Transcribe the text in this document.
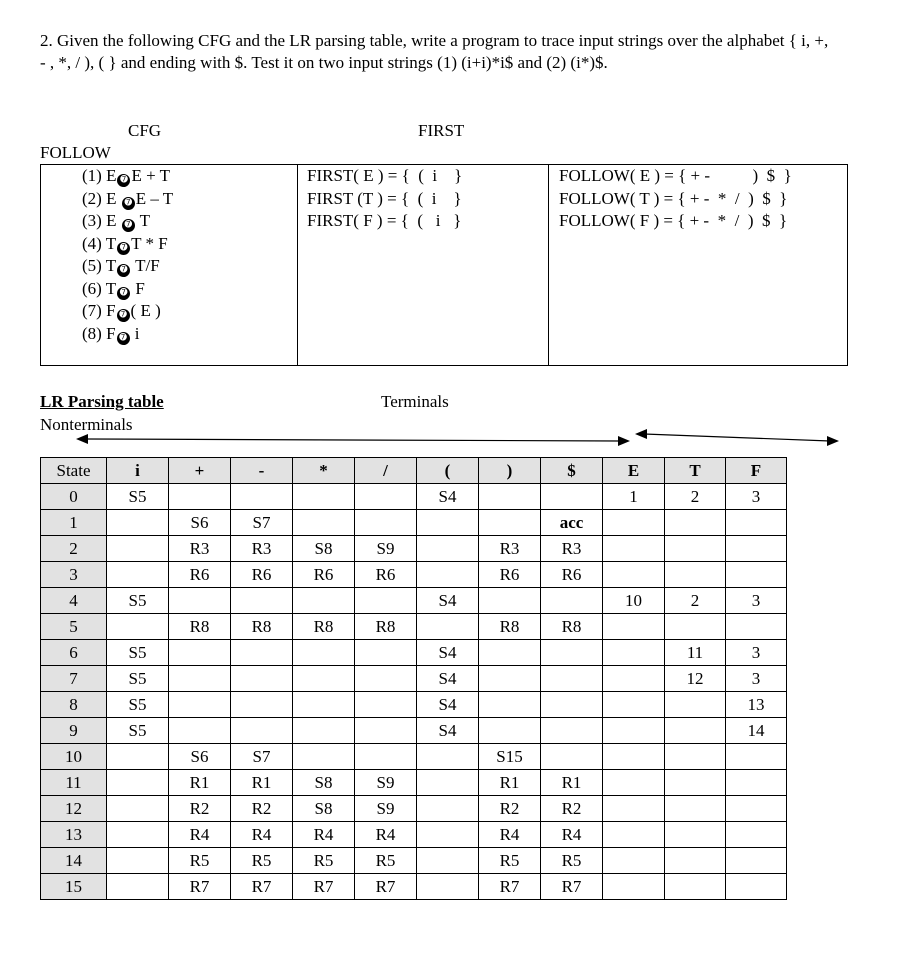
2. Given the following CFG and the LR parsing table, write a program to trace input strings over the alphabet { i, +, - , *, / ), ( } and ending with $. Test it on two input strings (1) (i+i)*i$ and (2) (i*)$.
CFG	FIRST
FOLLOW
(1) E ➐ E + T
(2) E ➐ E – T
(3) E ➐ T
(4) T ➐ T * F
(5) T ➐ T/F
(6) T ➐ F
(7) F ➐ ( E )
(8) F ➐ i
FIRST( E ) = {  (  i    }
FIRST (T ) = {  (  i    }
FIRST( F ) = {  (   i   }
FOLLOW( E ) = { + -          )  $  }
FOLLOW( T ) = { + -  *  /  )  $  }
FOLLOW( F ) = { + -  *  /  )  $  }
LR Parsing table	Terminals
Nonterminals
State	i	+	-	*	/	(	)	$	E	T	F
0	S5					S4			1	2	3
1		S6	S7					acc			
2		R3	R3	S8	S9		R3	R3			
3		R6	R6	R6	R6		R6	R6			
4	S5					S4			10	2	3
5		R8	R8	R8	R8		R8	R8			
6	S5					S4				11	3
7	S5					S4				12	3
8	S5					S4					13
9	S5					S4					14
10		S6	S7				S15				
11		R1	R1	S8	S9		R1	R1			
12		R2	R2	S8	S9		R2	R2			
13		R4	R4	R4	R4		R4	R4			
14		R5	R5	R5	R5		R5	R5			
15		R7	R7	R7	R7		R7	R7			
